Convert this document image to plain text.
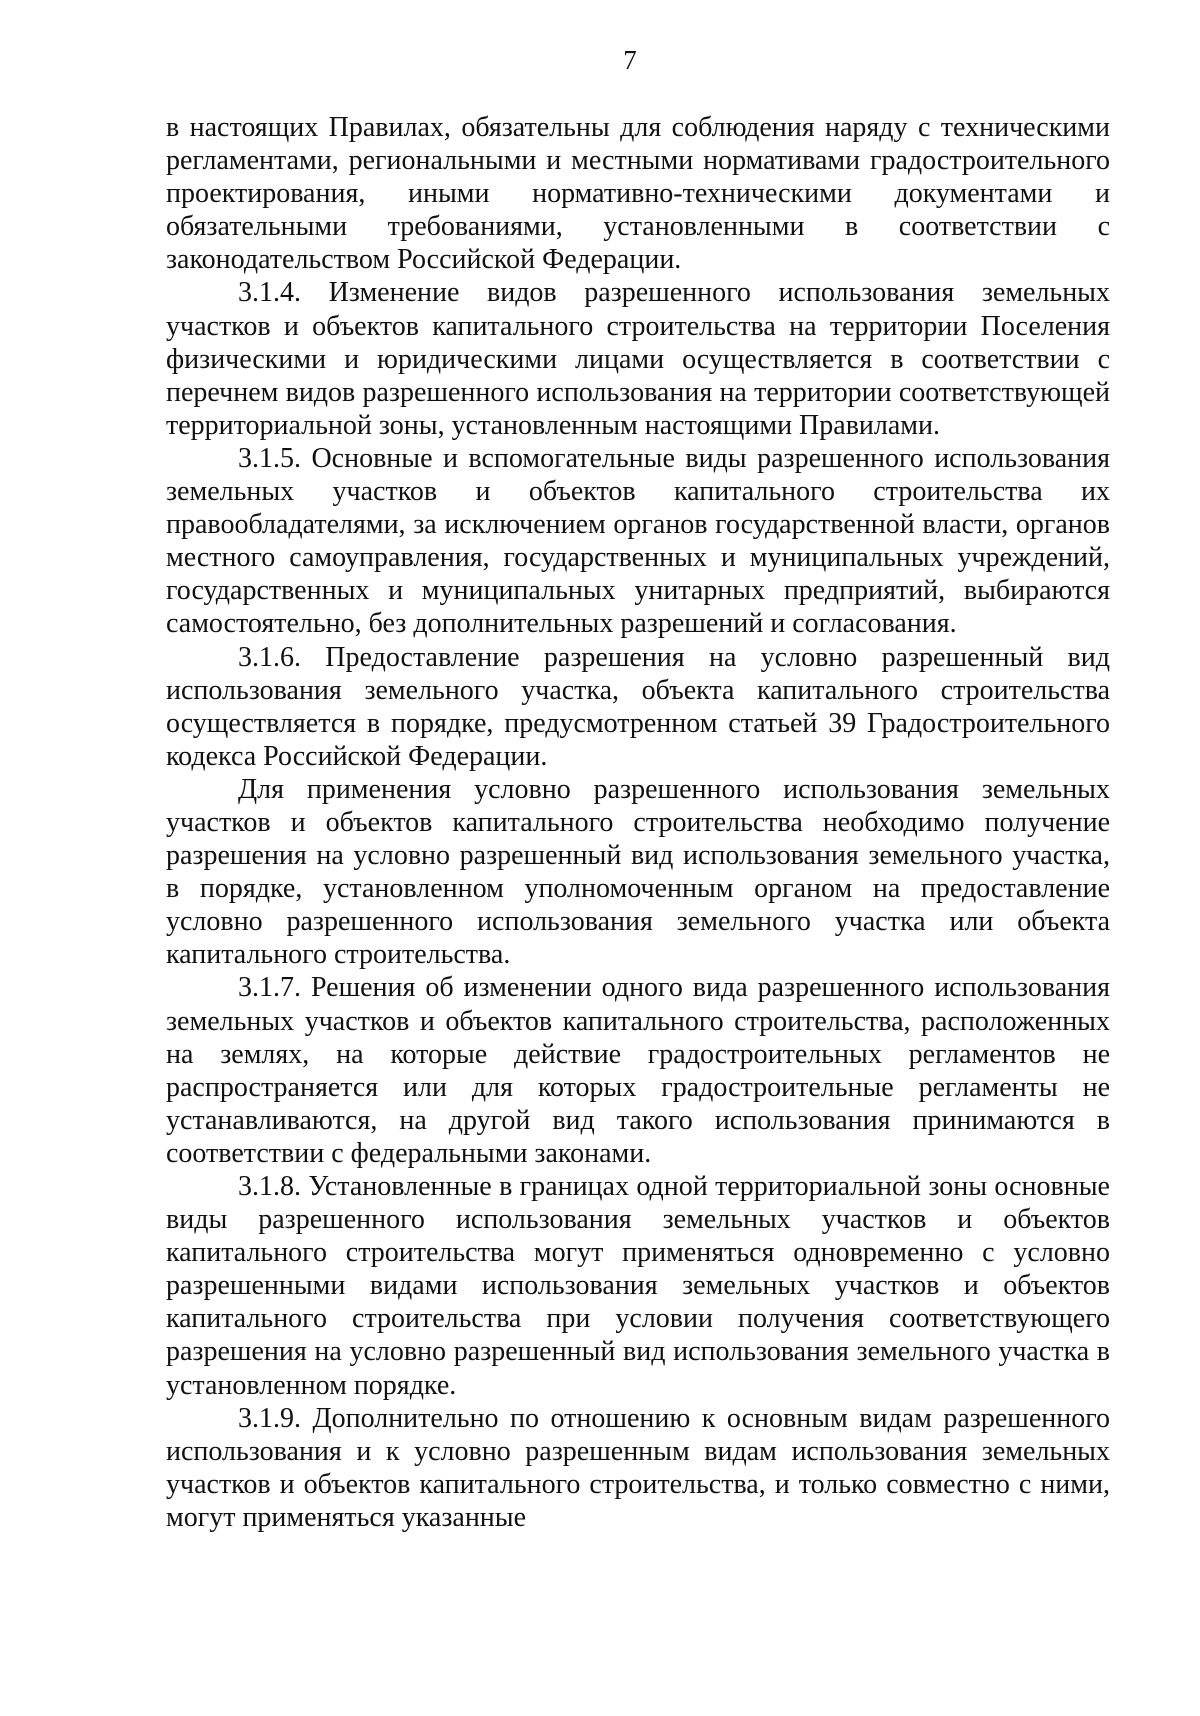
7

в настоящих Правилах, обязательны для соблюдения наряду с техническими регламентами, региональными и местными нормативами градостроительного проектирования, иными нормативно-техническими документами и обязательными требованиями, установленными в соответствии с законодательством Российской Федерации.

3.1.4. Изменение видов разрешенного использования земельных участков и объектов капитального строительства на территории Поселения физическими и юридическими лицами осуществляется в соответствии с перечнем видов разрешенного использования на территории соответствующей территориальной зоны, установленным настоящими Правилами.

3.1.5. Основные и вспомогательные виды разрешенного использования земельных участков и объектов капитального строительства их правообладателями, за исключением органов государственной власти, органов местного самоуправления, государственных и муниципальных учреждений, государственных и муниципальных унитарных предприятий, выбираются самостоятельно, без дополнительных разрешений и согласования.

3.1.6. Предоставление разрешения на условно разрешенный вид использования земельного участка, объекта капитального строительства осуществляется в порядке, предусмотренном статьей 39 Градостроительного кодекса Российской Федерации.

Для применения условно разрешенного использования земельных участков и объектов капитального строительства необходимо получение разрешения на условно разрешенный вид использования земельного участка, в порядке, установленном уполномоченным органом на предоставление условно разрешенного использования земельного участка или объекта капитального строительства.

3.1.7. Решения об изменении одного вида разрешенного использования земельных участков и объектов капитального строительства, расположенных на землях, на которые действие градостроительных регламентов не распространяется или для которых градостроительные регламенты не устанавливаются, на другой вид такого использования принимаются в соответствии с федеральными законами.

3.1.8. Установленные в границах одной территориальной зоны основные виды разрешенного использования земельных участков и объектов капитального строительства могут применяться одновременно с условно разрешенными видами использования земельных участков и объектов капитального строительства при условии получения соответствующего разрешения на условно разрешенный вид использования земельного участка в установленном порядке.

3.1.9. Дополнительно по отношению к основным видам разрешенного использования и к условно разрешенным видам использования земельных участков и объектов капитального строительства, и только совместно с ними, могут применяться указанные
